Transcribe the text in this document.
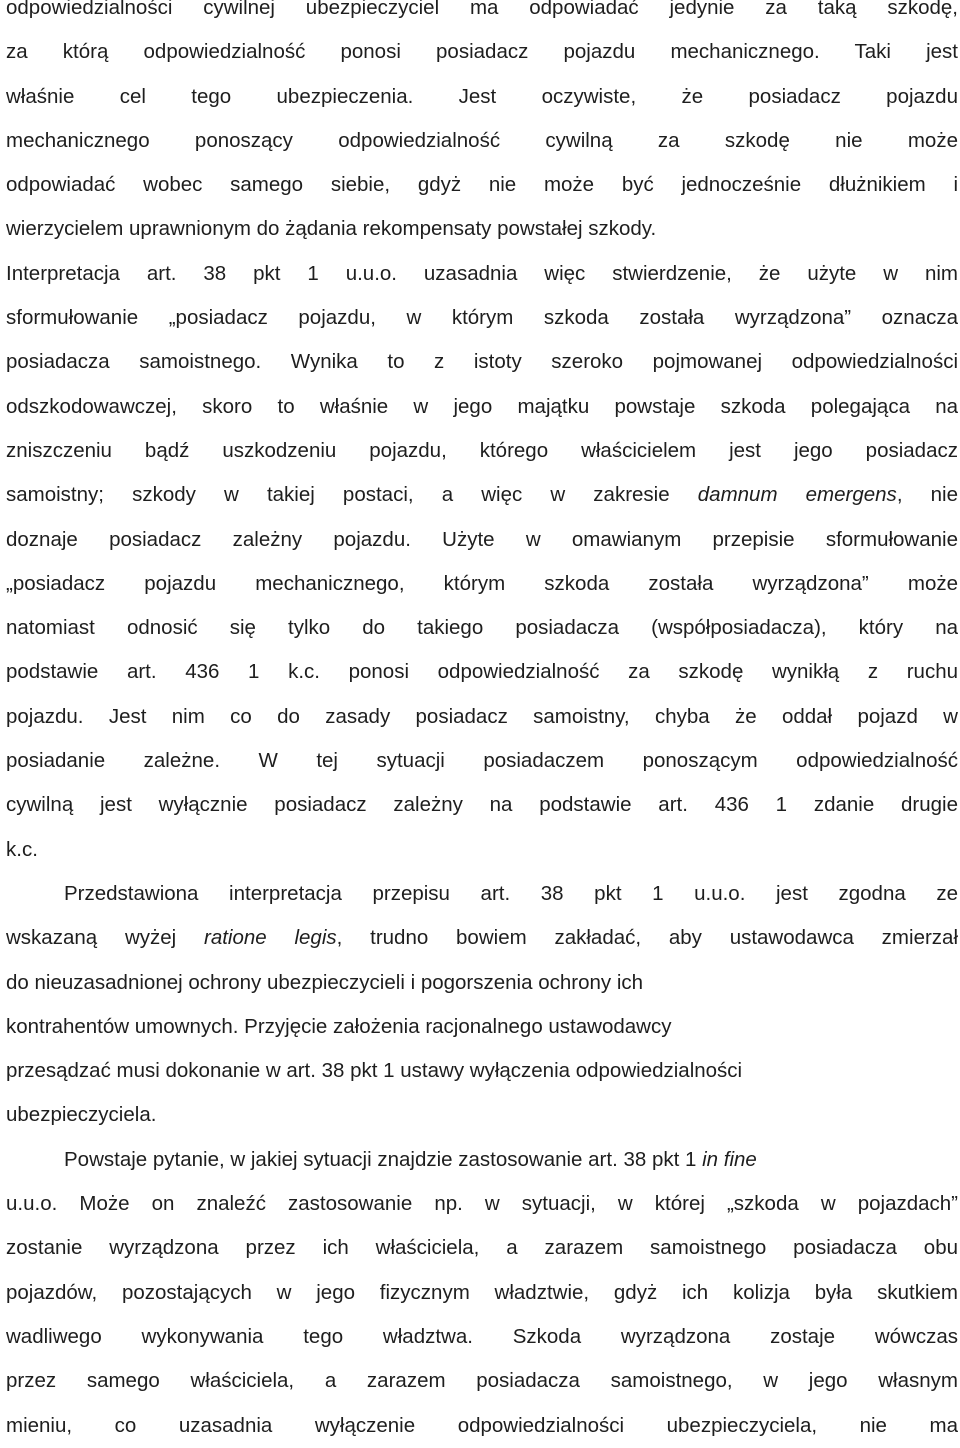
odpowiedzialności cywilnej ubezpieczyciel ma odpowiadać jedynie za taką szkodę,
za którą odpowiedzialność ponosi posiadacz pojazdu mechanicznego. Taki jest
właśnie cel tego ubezpieczenia. Jest oczywiste, że posiadacz pojazdu
mechanicznego ponoszący odpowiedzialność cywilną za szkodę nie może
odpowiadać wobec samego siebie, gdyż nie może być jednocześnie dłużnikiem i
wierzycielem uprawnionym do żądania rekompensaty powstałej szkody.
Interpretacja art. 38 pkt 1 u.u.o. uzasadnia więc stwierdzenie, że użyte w nim
sformułowanie „posiadacz pojazdu, w którym szkoda została wyrządzona” oznacza
posiadacza samoistnego. Wynika to z istoty szeroko pojmowanej odpowiedzialności
odszkodowawczej, skoro to właśnie w jego majątku powstaje szkoda polegająca na
zniszczeniu bądź uszkodzeniu pojazdu, którego właścicielem jest jego posiadacz
samoistny; szkody w takiej postaci, a więc w zakresie damnum emergens, nie
doznaje posiadacz zależny pojazdu. Użyte w omawianym przepisie sformułowanie
„posiadacz pojazdu mechanicznego, którym szkoda została wyrządzona” może
natomiast odnosić się tylko do takiego posiadacza (współposiadacza), który na
podstawie art. 436 1 k.c. ponosi odpowiedzialność za szkodę wynikłą z ruchu
pojazdu. Jest nim co do zasady posiadacz samoistny, chyba że oddał pojazd w
posiadanie zależne. W tej sytuacji posiadaczem ponoszącym odpowiedzialność
cywilną jest wyłącznie posiadacz zależny na podstawie art. 436 1 zdanie drugie
k.c.
Przedstawiona interpretacja przepisu art. 38 pkt 1 u.u.o. jest zgodna ze
wskazaną wyżej ratione legis, trudno bowiem zakładać, aby ustawodawca zmierzał
do nieuzasadnionej ochrony ubezpieczycieli i pogorszenia ochrony ich
kontrahentów umownych. Przyjęcie założenia racjonalnego ustawodawcy
przesądzać musi dokonanie w art. 38 pkt 1 ustawy wyłączenia odpowiedzialności
ubezpieczyciela.
Powstaje pytanie, w jakiej sytuacji znajdzie zastosowanie art. 38 pkt 1 in fine
u.u.o. Może on znaleźć zastosowanie np. w sytuacji, w której „szkoda w pojazdach”
zostanie wyrządzona przez ich właściciela, a zarazem samoistnego posiadacza obu
pojazdów, pozostających w jego fizycznym władztwie, gdyż ich kolizja była skutkiem
wadliwego wykonywania tego władztwa. Szkoda wyrządzona zostaje wówczas
przez samego właściciela, a zarazem posiadacza samoistnego, w jego własnym
mieniu, co uzasadnia wyłączenie odpowiedzialności ubezpieczyciela, nie ma
